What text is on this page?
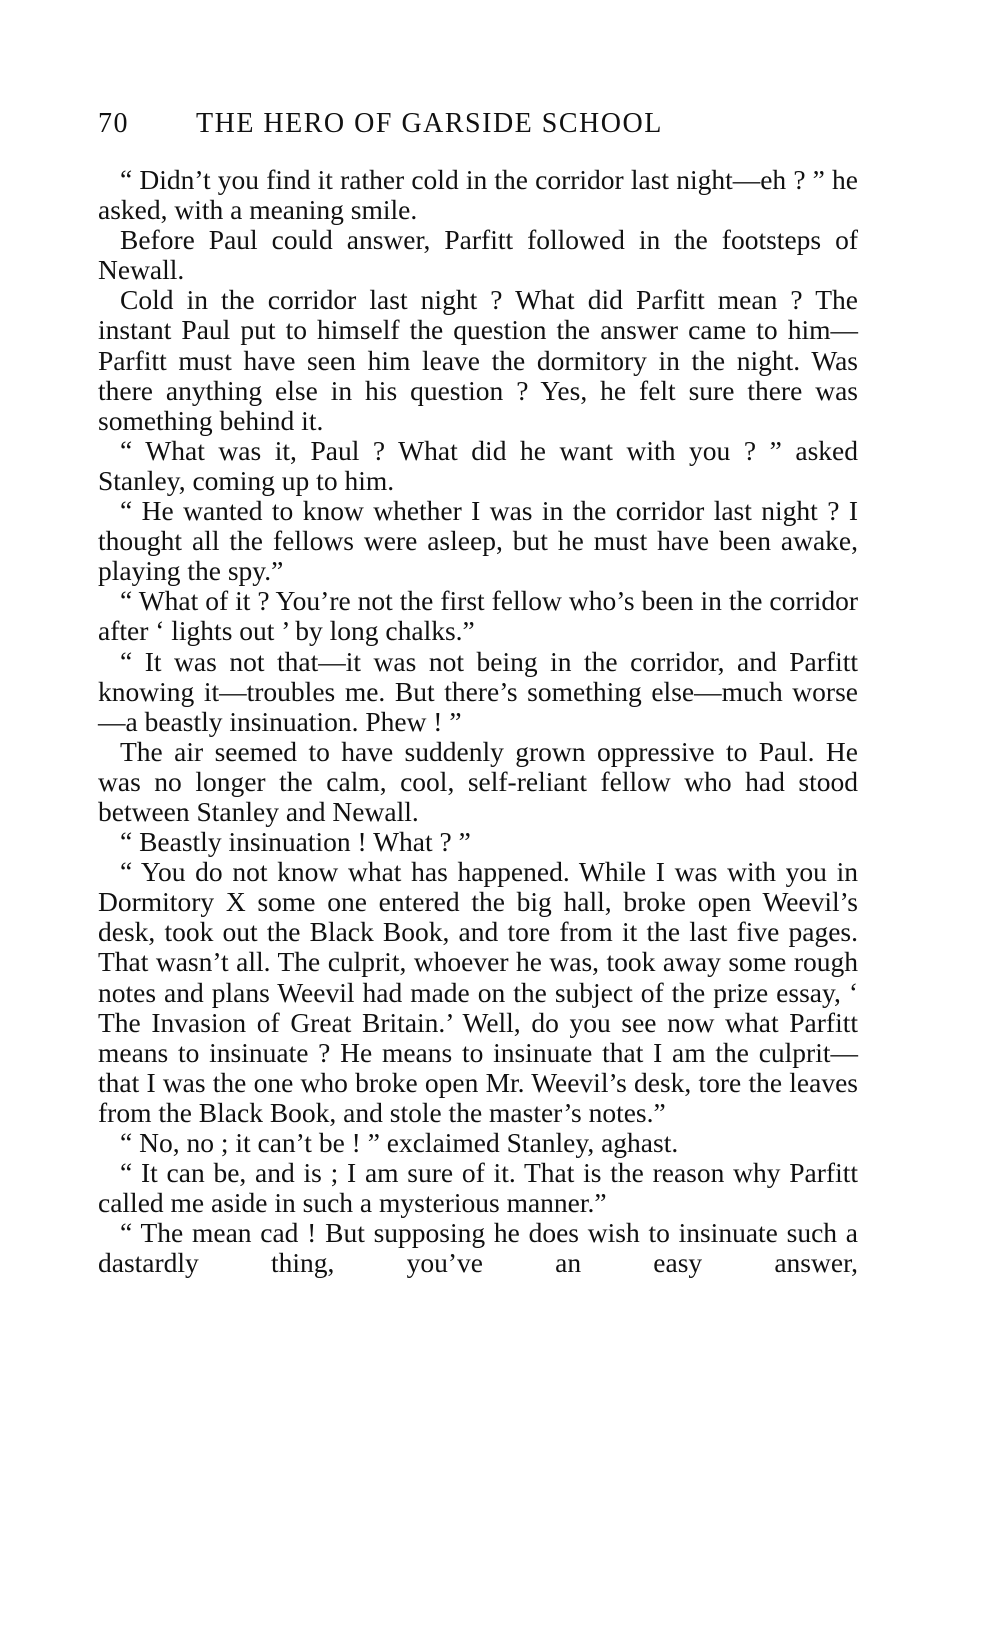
70 THE HERO OF GARSIDE SCHOOL

“ Didn’t you find it rather cold in the corridor last night—eh ? ” he asked, with a meaning smile.

Before Paul could answer, Parfitt followed in the footsteps of Newall.

Cold in the corridor last night ? What did Parfitt mean ? The instant Paul put to himself the question the answer came to him—Parfitt must have seen him leave the dormitory in the night. Was there anything else in his question ? Yes, he felt sure there was something behind it.

“ What was it, Paul ? What did he want with you ? ” asked Stanley, coming up to him.

“ He wanted to know whether I was in the corridor last night ? I thought all the fellows were asleep, but he must have been awake, playing the spy.”

“ What of it ? You’re not the first fellow who’s been in the corridor after ‘ lights out ’ by long chalks.”

“ It was not that—it was not being in the corridor, and Parfitt knowing it—troubles me. But there’s something else—much worse—a beastly insinuation. Phew ! ”

The air seemed to have suddenly grown oppressive to Paul. He was no longer the calm, cool, self-reliant fellow who had stood between Stanley and Newall.

“ Beastly insinuation ! What ? ”

“ You do not know what has happened. While I was with you in Dormitory X some one entered the big hall, broke open Weevil’s desk, took out the Black Book, and tore from it the last five pages. That wasn’t all. The culprit, whoever he was, took away some rough notes and plans Weevil had made on the subject of the prize essay, ‘ The Invasion of Great Britain.’ Well, do you see now what Parfitt means to insinuate ? He means to insinuate that I am the culprit—that I was the one who broke open Mr. Weevil’s desk, tore the leaves from the Black Book, and stole the master’s notes.”

“ No, no ; it can’t be ! ” exclaimed Stanley, aghast.

“ It can be, and is ; I am sure of it. That is the reason why Parfitt called me aside in such a mysterious manner.”

“ The mean cad ! But supposing he does wish to insinuate such a dastardly thing, you’ve an easy answer,
